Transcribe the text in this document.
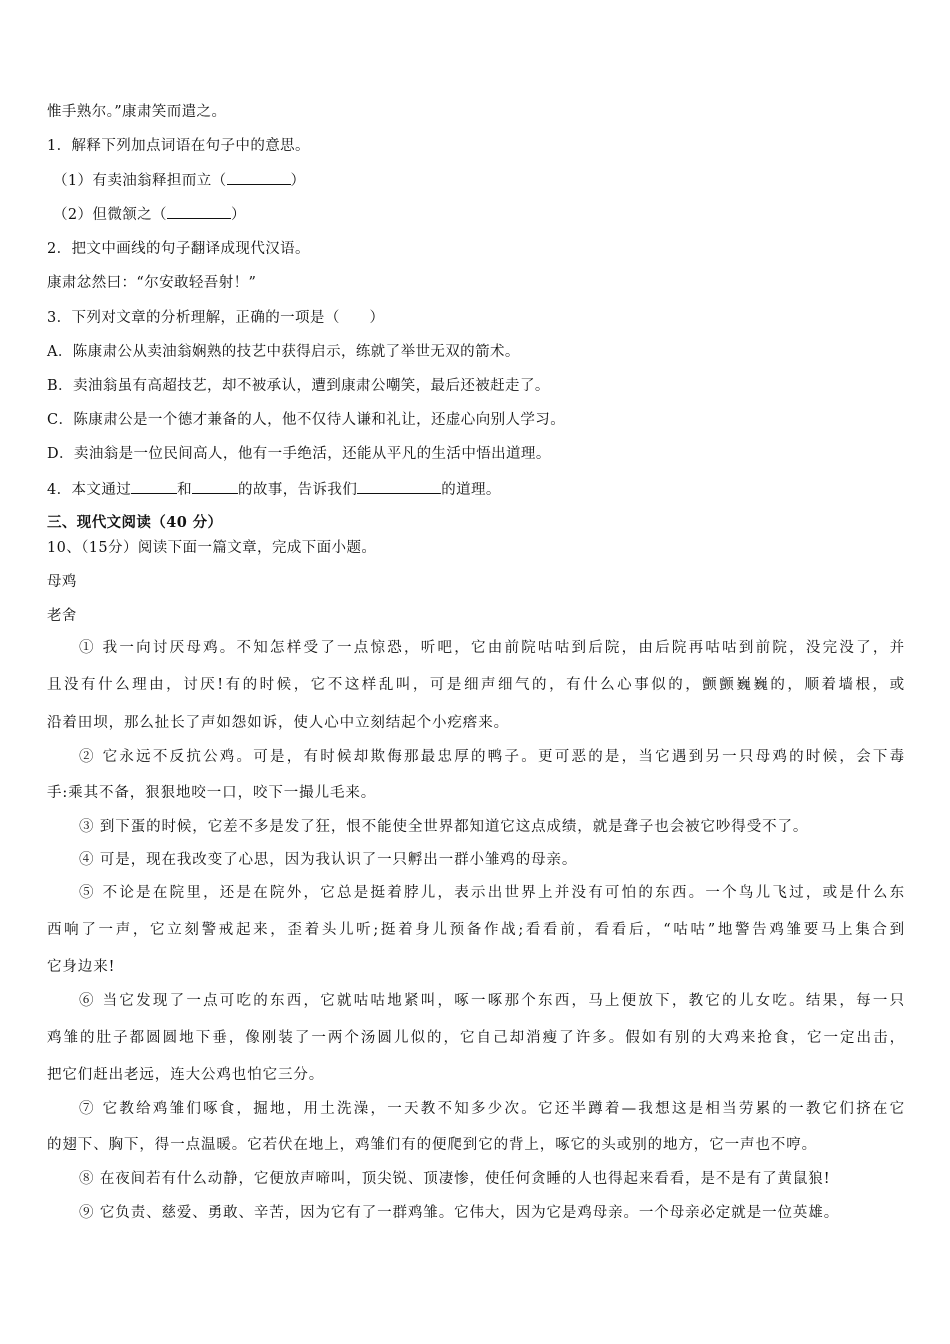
惟手熟尔。”康肃笑而遣之。
1．解释下列加点词语在句子中的意思。
（1）有卖油翁释担而立（	）
（2）但微颔之（	）
2．把文中画线的句子翻译成现代汉语。
康肃忿然曰：“尔安敢轻吾射！”
3．下列对文章的分析理解，正确的一项是（　　）
A．陈康肃公从卖油翁娴熟的技艺中获得启示，练就了举世无双的箭术。
B．卖油翁虽有高超技艺，却不被承认，遭到康肃公嘲笑，最后还被赶走了。
C．陈康肃公是一个德才兼备的人，他不仅待人谦和礼让，还虚心向别人学习。
D．卖油翁是一位民间高人，他有一手绝活，还能从平凡的生活中悟出道理。
4．本文通过	和	的故事，告诉我们	的道理。
三、现代文阅读（40 分）
10、（15分）阅读下面一篇文章，完成下面小题。
母鸡
老舍
① 我一向讨厌母鸡。不知怎样受了一点惊恐，听吧，它由前院咕咕到后院，由后院再咕咕到前院，没完没了，并
且没有什么理由，讨厌!有的时候，它不这样乱叫，可是细声细气的，有什么心事似的，颤颤巍巍的，顺着墙根，或
沿着田坝，那么扯长了声如怨如诉，使人心中立刻结起个小疙瘩来。
② 它永远不反抗公鸡。可是，有时候却欺侮那最忠厚的鸭子。更可恶的是，当它遇到另一只母鸡的时候，会下毒
手:乘其不备，狠狠地咬一口，咬下一撮儿毛来。
③ 到下蛋的时候，它差不多是发了狂，恨不能使全世界都知道它这点成绩，就是聋子也会被它吵得受不了。
④ 可是，现在我改变了心思，因为我认识了一只孵出一群小雏鸡的母亲。
⑤ 不论是在院里，还是在院外，它总是挺着脖儿，表示出世界上并没有可怕的东西。一个鸟儿飞过，或是什么东
西响了一声，它立刻警戒起来，歪着头儿听;挺着身儿预备作战;看看前，看看后，“咕咕”地警告鸡雏要马上集合到
它身边来!
⑥ 当它发现了一点可吃的东西，它就咕咕地紧叫，啄一啄那个东西，马上便放下，教它的儿女吃。结果，每一只
鸡雏的肚子都圆圆地下垂，像刚装了一两个汤圆儿似的，它自己却消瘦了许多。假如有别的大鸡来抢食，它一定出击，
把它们赶出老远，连大公鸡也怕它三分。
⑦ 它教给鸡雏们啄食，掘地，用土洗澡，一天教不知多少次。它还半蹲着—我想这是相当劳累的一教它们挤在它
的翅下、胸下，得一点温暖。它若伏在地上，鸡雏们有的便爬到它的背上，啄它的头或别的地方，它一声也不哼。
⑧ 在夜间若有什么动静，它便放声啼叫，顶尖锐、顶凄惨，使任何贪睡的人也得起来看看，是不是有了黄鼠狼!
⑨ 它负责、慈爱、勇敢、辛苦，因为它有了一群鸡雏。它伟大，因为它是鸡母亲。一个母亲必定就是一位英雄。
